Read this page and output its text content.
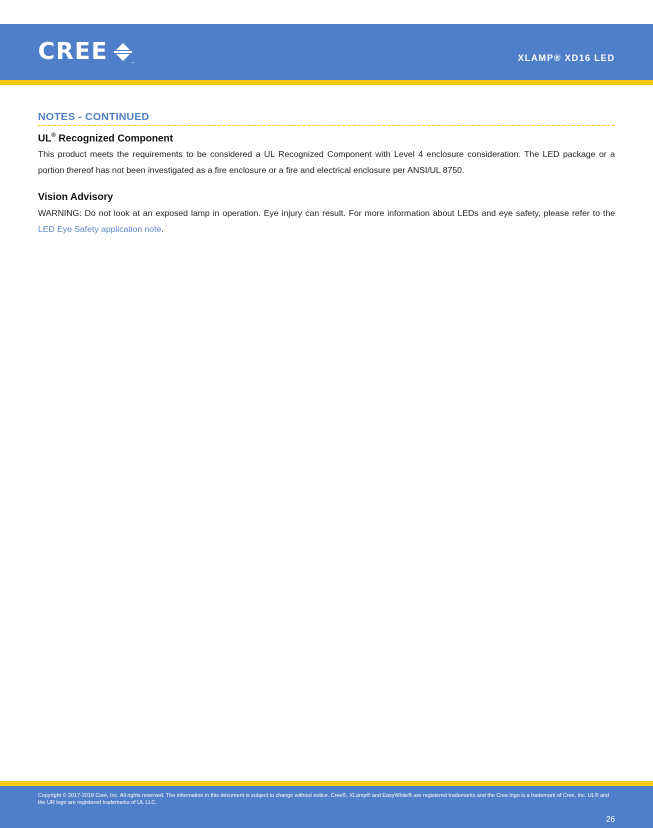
CREE	™	XLAMP® XD16 LED
NOTES - CONTINUED
UL® Recognized Component

This product meets the requirements to be considered a UL Recognized Component with Level 4 enclosure consideration. The LED package or a portion thereof has not been investigated as a fire enclosure or a fire and electrical enclosure per ANSI/UL 8750.

Vision Advisory

WARNING: Do not look at an exposed lamp in operation. Eye injury can result. For more information about LEDs and eye safety, please refer to the LED Eye Safety application note.

Copyright © 2017-2018 Cree, Inc. All rights reserved. The information in this document is subject to change without notice. Cree®, XLamp® and EasyWhite® are registered trademarks and the Cree logo is a trademark of Cree, Inc. UL® and the UR logo are registered trademarks of UL LLC.
26
